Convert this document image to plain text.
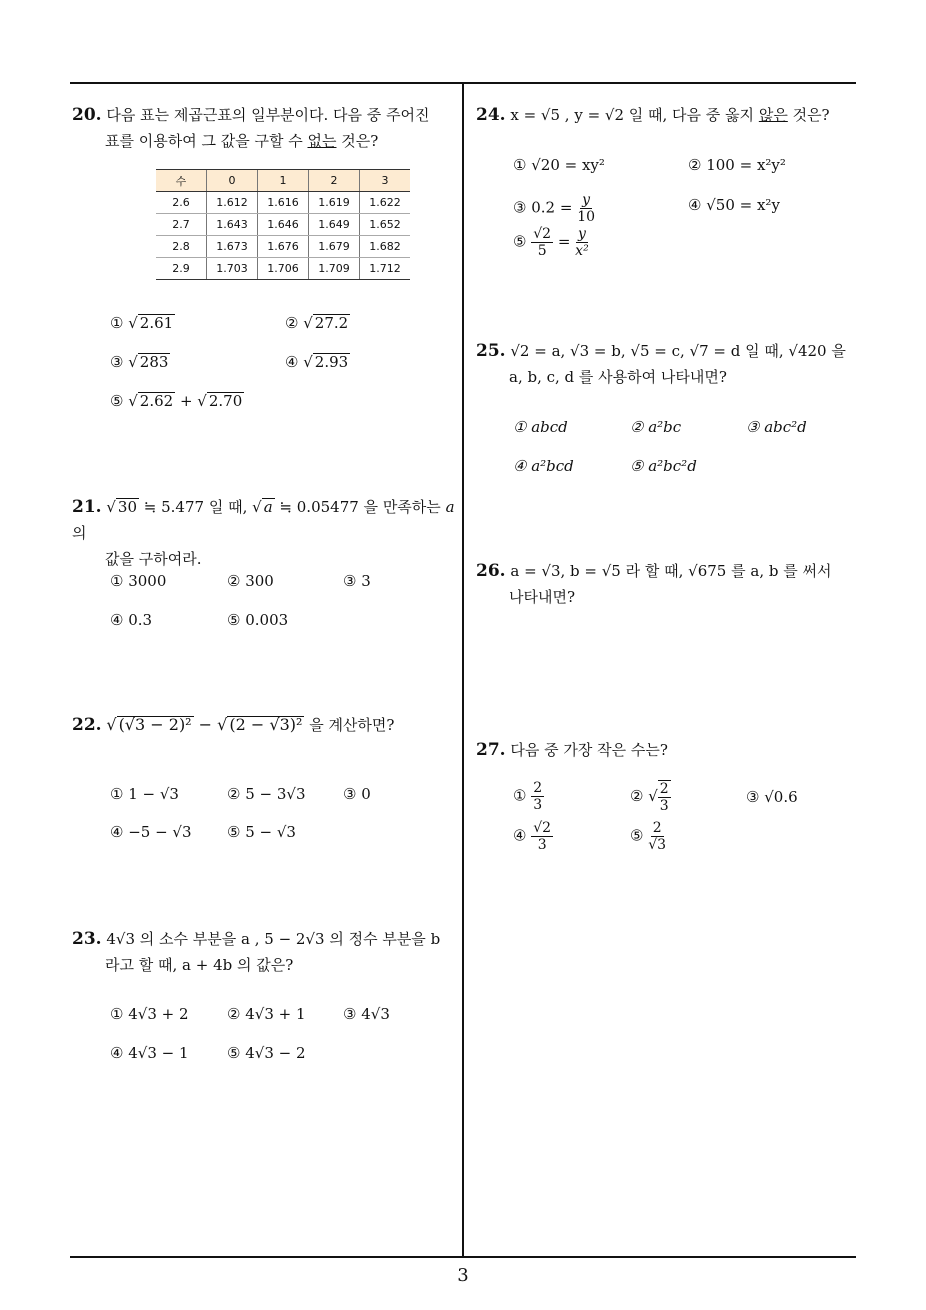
3
20. 다음 표는 제곱근표의 일부분이다. 다음 중 주어진
표를 이용하여 그 값을 구할 수 없는 것은?
수	0	1	2	3
2.6	1.612	1.616	1.619	1.622
2.7	1.643	1.646	1.649	1.652
2.8	1.673	1.676	1.679	1.682
2.9	1.703	1.706	1.709	1.712
① √ 2.61	② √ 27.2
③ √ 283	④ √ 2.93
⑤ √ 2.62 + √ 2.70
21. √ 30 ≒ 5.477 일 때, √ a ≒ 0.05477 을 만족하는 a 의
값을 구하여라.
① 3000	② 300	③ 3
④ 0.3	⑤ 0.003
22. √ (√3 − 2)² − √ (2 − √3)² 을 계산하면?
① 1 − √3	② 5 − 3√3 ③ 0
④ −5 − √3 ⑤ 5 − √3
23. 4√3 의 소수 부분을 a , 5 − 2√3 의 정수 부분을 b
라고 할 때, a + 4b 의 값은?
① 4√3 + 2	② 4√3 + 1 ③ 4√3
④ 4√3 − 1	⑤ 4√3 − 2
24. x = √5 , y = √2 일 때, 다음 중 옳지 않은 것은?
① √20 = xy²	② 100 = x²y²
③ $0.2 = \frac{y}{10}$	④ √50 = x²y
⑤ $\frac{√2}{5} = \frac{y}{\text{x²}}$
25. √2 = a, √3 = b, √5 = c, √7 = d 일 때, √420 을
a, b, c, d 를 사용하여 나타내면?
① abcd	② a²bc	③ abc²d
④ a²bcd	⑤ a²bc²d
26. a = √3, b = √5 라 할 때, √675 를 a, b 를 써서
나타내면?
27. 다음 중 가장 작은 수는?
① $\frac{2}{3}$	② √ $\frac{2}{3}$	③ √0.6
④ $\frac{√2}{3}$	⑤ $\frac{2}{√3}$
